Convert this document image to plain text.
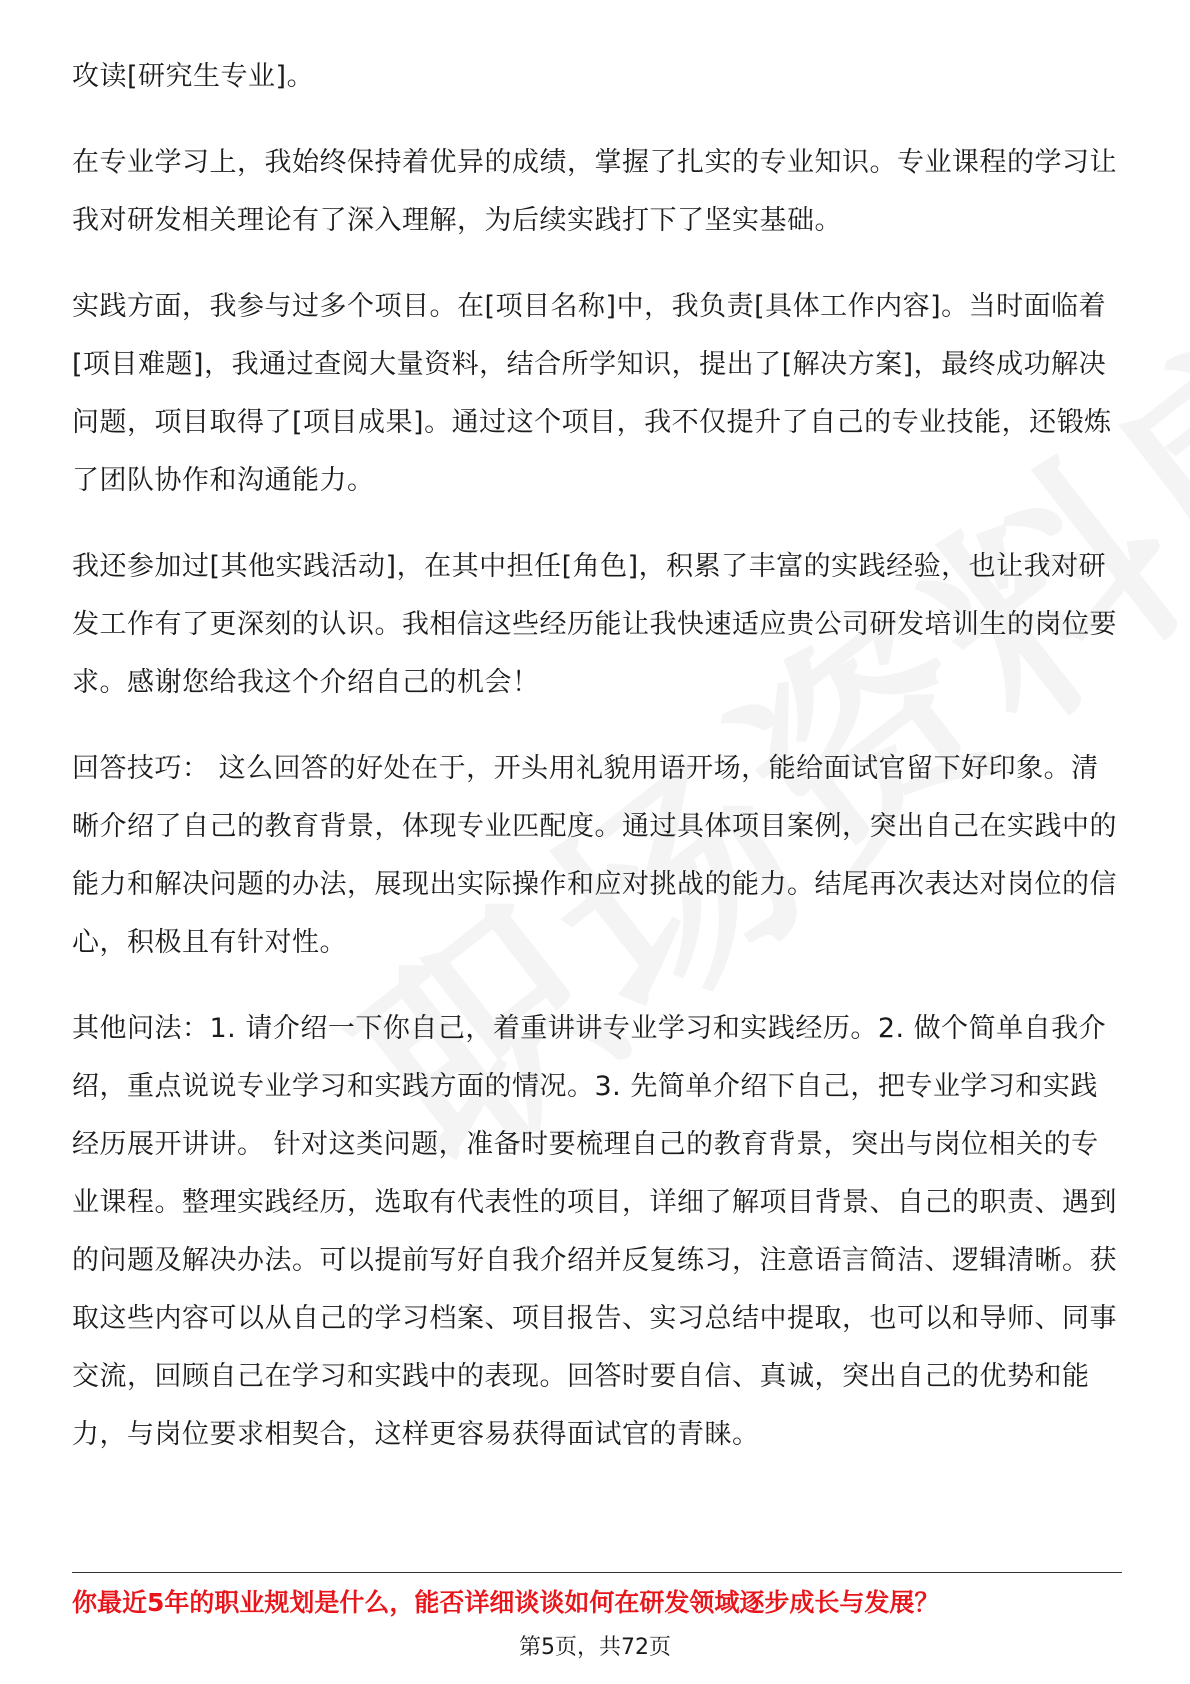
攻读[研究生专业]。

在专业学习上，我始终保持着优异的成绩，掌握了扎实的专业知识。专业课程的学习让我对研发相关理论有了深入理解，为后续实践打下了坚实基础。

实践方面，我参与过多个项目。在[项目名称]中，我负责[具体工作内容]。当时面临着[项目难题]，我通过查阅大量资料，结合所学知识，提出了[解决方案]，最终成功解决问题，项目取得了[项目成果]。通过这个项目，我不仅提升了自己的专业技能，还锻炼了团队协作和沟通能力。

我还参加过[其他实践活动]，在其中担任[角色]，积累了丰富的实践经验，也让我对研发工作有了更深刻的认识。我相信这些经历能让我快速适应贵公司研发培训生的岗位要求。感谢您给我这个介绍自己的机会！

回答技巧： 这么回答的好处在于，开头用礼貌用语开场，能给面试官留下好印象。清晰介绍了自己的教育背景，体现专业匹配度。通过具体项目案例，突出自己在实践中的能力和解决问题的办法，展现出实际操作和应对挑战的能力。结尾再次表达对岗位的信心，积极且有针对性。

其他问法：1. 请介绍一下你自己，着重讲讲专业学习和实践经历。2. 做个简单自我介绍，重点说说专业学习和实践方面的情况。3. 先简单介绍下自己，把专业学习和实践经历展开讲讲。 针对这类问题，准备时要梳理自己的教育背景，突出与岗位相关的专业课程。整理实践经历，选取有代表性的项目，详细了解项目背景、自己的职责、遇到的问题及解决办法。可以提前写好自我介绍并反复练习，注意语言简洁、逻辑清晰。获取这些内容可以从自己的学习档案、项目报告、实习总结中提取，也可以和导师、同事交流，回顾自己在学习和实践中的表现。回答时要自信、真诚，突出自己的优势和能力，与岗位要求相契合，这样更容易获得面试官的青睐。

你最近5年的职业规划是什么，能否详细谈谈如何在研发领域逐步成长与发展？
第5页，共72页
